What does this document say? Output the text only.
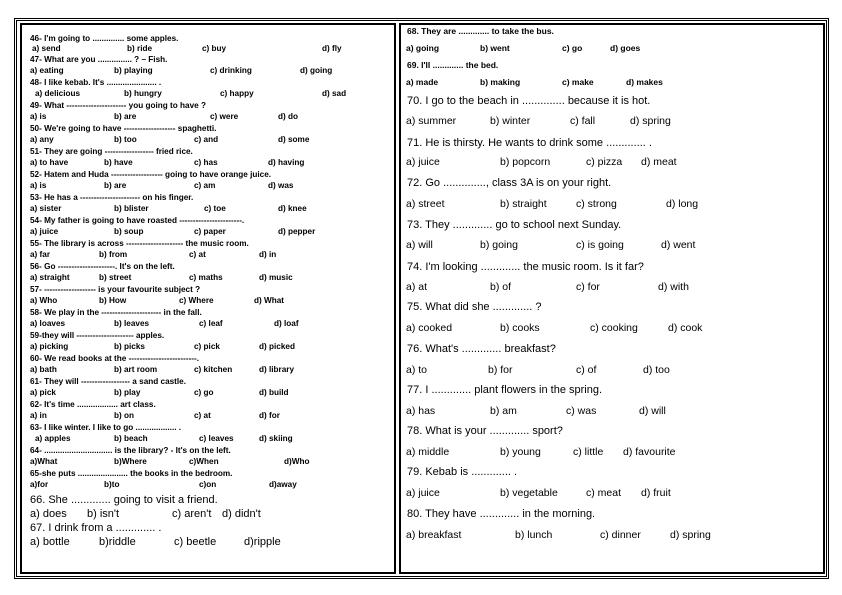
46- I'm going to .............. some apples.
a) send	b) ride	c) buy	d) fly
47- What are you ............... ? – Fish.
a) eating	b) playing	c) drinking	d) going
48- I like kebab. It's ...................... .
a) delicious	b) hungry	c) happy	d) sad
49- What ---------------------- you going to have ?
a) is	b) are	c) were	d) do
50- We're going to have ------------------- spaghetti.
a) any	b) too	c) and	d) some
51- They are going ------------------ fried rice.
a) to have	b) have	c) has	d) having
52- Hatem and Huda ------------------- going to have orange juice.
a) is	b) are	c) am	d) was
53- He has a ---------------------- on his finger.
a) sister	b) blister	c) toe	d) knee
54- My father is going to have roasted -----------------------.
a) juice	b) soup	c) paper	d) pepper
55- The library is across --------------------- the music room.
a) far	b) from	c) at	d) in
56- Go ---------------------. It's on the left.
a) straight	b) street	c) maths	d) music
57- ------------------- is your favourite subject ?
a) Who	b) How	c) Where	d) What
58- We play in the ---------------------- in the fall.
a) loaves	b) leaves	c) leaf	d) loaf
59-they will --------------------- apples.
a) picking	b) picks	c) pick	d) picked
60- We read books at the -------------------------.
a) bath	b) art room	c) kitchen	d) library
61- They will ------------------ a sand castle.
a) pick	b) play	c) go	d) build
62- It's time .................. art class.
a) in	b) on	c) at	d) for
63- I like winter. I like to go .................. .
a) apples	b) beach	c) leaves	d) skiing
64- .............................. is the library? - It's on the left.
a)What	b)Where	c)When	d)Who
65-she puts ...................... the books in the bedroom.
a)for	b)to	c)on	d)away
66. She ............. going to visit a friend.
a) does b) isn't	c) aren't d) didn't
67. I drink from a ............. .
a) bottle	b)riddle	c) beetle	d)ripple
68. They are ............. to take the bus.
a) going	b) went	c) go	d) goes
69. I'll ............. the bed.
a) made	b) making	c) make	d) makes
70. I go to the beach in .............. because it is hot.
a) summer	b) winter	c) fall	d) spring
71. He is thirsty. He wants to drink some ............. .
a) juice	b) popcorn	c) pizza d) meat
72. Go .............., class 3A is on your right.
a) street	b) straight	c) strong	d) long
73. They ............. go to school next Sunday.
a) will	b) going	c) is going	d) went
74. I'm looking ............. the music room. Is it far?
a) at	b) of	c) for	d) with
75. What did she ............. ?
a) cooked	b) cooks	c) cooking	d) cook
76. What's ............. breakfast?
a) to	b) for	c) of	d) too
77. I ............. plant flowers in the spring.
a) has	b) am	c) was	d) will
78. What is your ............. sport?
a) middle	b) young	c) little d) favourite
79. Kebab is ............. .
a) juice	b) vegetable	c) meat d) fruit
80. They have ............. in the morning.
a) breakfast	b) lunch	c) dinner	d) spring
